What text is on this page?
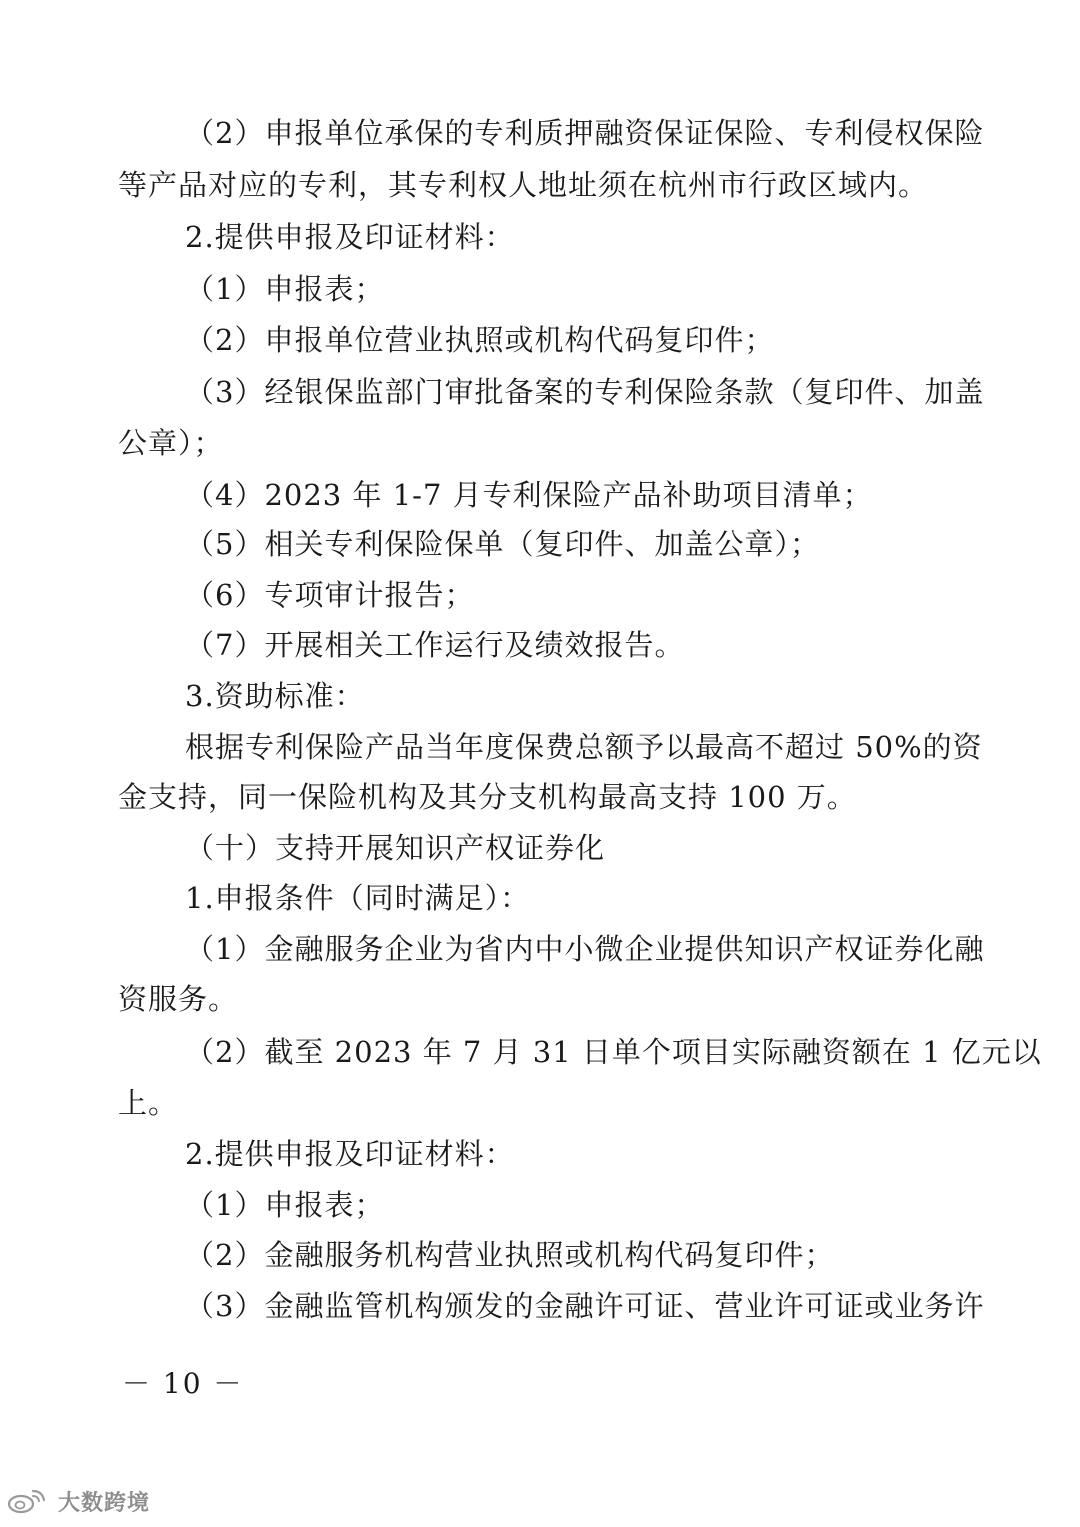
（2）申报单位承保的专利质押融资保证保险、专利侵权保险
等产品对应的专利，其专利权人地址须在杭州市行政区域内。
2.提供申报及印证材料：
（1）申报表；
（2）申报单位营业执照或机构代码复印件；
（3）经银保监部门审批备案的专利保险条款（复印件、加盖
公章）；
（4）2023 年 1-7 月专利保险产品补助项目清单；
（5）相关专利保险保单（复印件、加盖公章）；
（6）专项审计报告；
（7）开展相关工作运行及绩效报告。
3.资助标准：
根据专利保险产品当年度保费总额予以最高不超过 50%的资
金支持，同一保险机构及其分支机构最高支持 100 万。
（十）支持开展知识产权证券化
1.申报条件（同时满足）：
（1）金融服务企业为省内中小微企业提供知识产权证券化融
资服务。
（2）截至 2023 年 7 月 31 日单个项目实际融资额在 1 亿元以
上。
2.提供申报及印证材料：
（1）申报表；
（2）金融服务机构营业执照或机构代码复印件；
（3）金融监管机构颁发的金融许可证、营业许可证或业务许
－ 10 －
大数跨境
